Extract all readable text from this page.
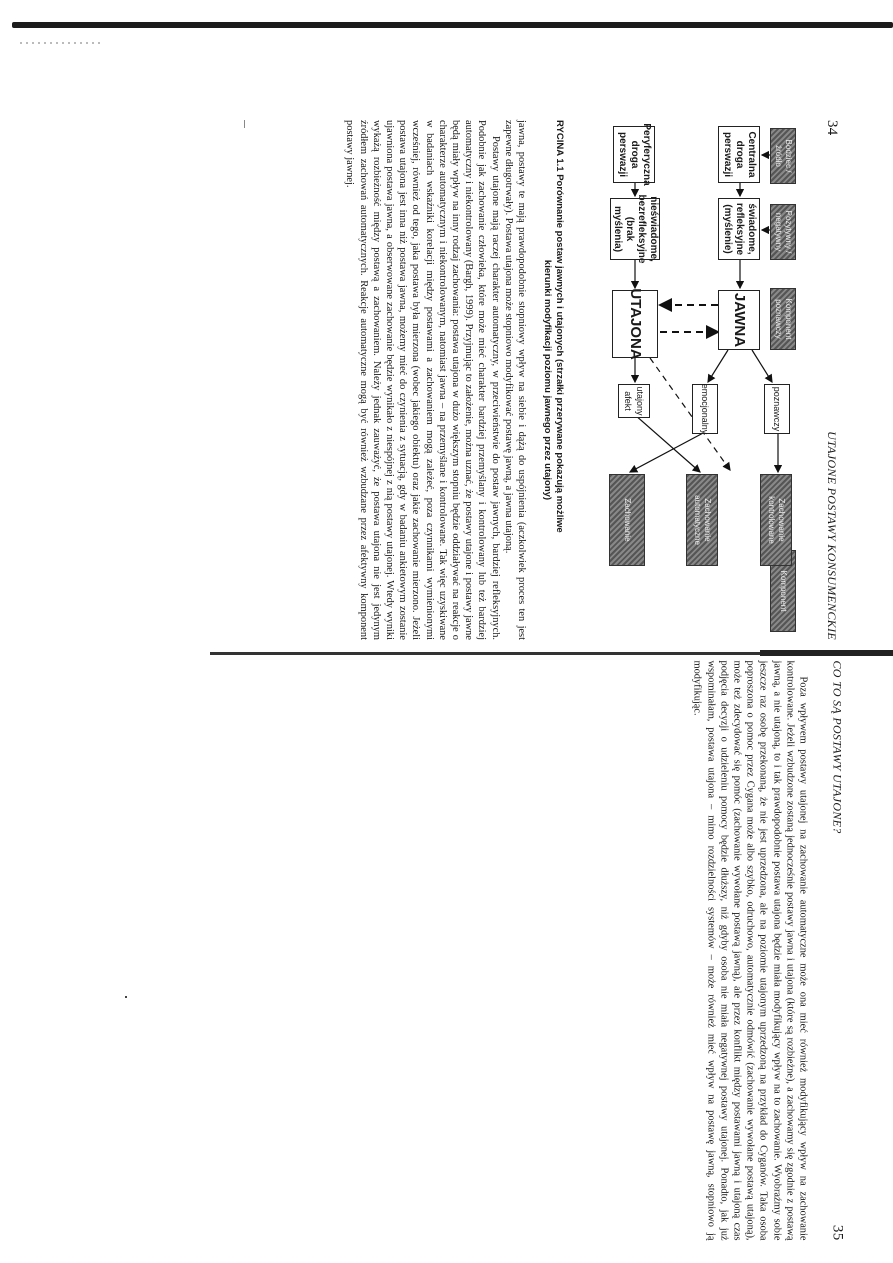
34
UTAJONE POSTAWY KONSUMENCKIE
Bodziec / źródło
Pozytywny / negatywny
Komponent poznawczy
Komponent
Centralna droga perswazji
Peryferyczna droga perswazji
świadome, refleksyjne (myślenie)
nieświadome, bezrefleksyjne (brak myślenia)
JAWNA
UTAJONA
poznawczy
emocjonalny
utajony afekt
Zachowanie kontrolowane
Zachowanie automatyczne
Zachowanie
RYCINA 1.1 Porównanie postaw jawnych i utajonych (strzałki przerywane pokazują możliwe
kierunki modyfikacji poziomu jawnego przez utajony)

jawna, postawy te mają prawdopodobnie stopniowy wpływ na siebie i dążą do uspójnienia (aczkolwiek proces ten jest zapewne długotrwały). Postawa utajona może stopniowo modyfikować postawę jawną, a jawna utajoną.

Postawy utajone mają raczej charakter automatyczny, w przeciwieństwie do postaw jawnych, bardziej refleksyjnych. Podobnie jak zachowanie człowieka, które może mieć charakter bardziej przemyślany i kontrolowany lub też bardziej automatyczny i niekontrolowany (Bargh, 1999). Przyjmując to założenie, można uznać, że postawy utajone i postawy jawne będą miały wpływ na inny rodzaj zachowania: postawa utajona w dużo większym stopniu będzie oddziaływać na reakcje o charakterze automatycznym i niekontrolowanym, natomiast jawna – na przemyślane i kontrolowane. Tak więc uzyskiwane w badaniach wskaźniki korelacji między postawami a zachowaniem mogą zależeć, poza czynnikami wymienionymi wcześniej, również od tego, jaka postawa była mierzona (wobec jakiego obiektu) oraz jakie zachowanie mierzono. Jeżeli postawa utajona jest inna niż postawa jawna, możemy mieć do czynienia z sytuacją, gdy w badaniu ankietowym zostanie ujawniona postawa jawna, a obserwowane zachowanie będzie wynikało z niespójnej z nią postawy utajonej. Wtedy wyniki wykażą rozbieżność między postawą a zachowaniem. Należy jednak zauważyć, że postawa utajona nie jest jedynym źródłem zachowań automatycznych. Reakcje automatyczne mogą być również wzbudzane przez afektywny komponent postawy jawnej.

CO TO SĄ POSTAWY UTAJONE?
35

Poza wpływem postawy utajonej na zachowanie automatyczne może ona mieć również modyfikujący wpływ na zachowanie kontrolowane. Jeżeli wzbudzone zostaną jednocześnie postawy jawna i utajona (które są rozbieżne), a zachowamy się zgodnie z postawą jawną, a nie utajoną, to i tak prawdopodobnie postawa utajona będzie miała modyfikujący wpływ na to zachowanie. Wyobraźmy sobie jeszcze raz osobę przekonaną, że nie jest uprzedzona, ale na poziomie utajonym uprzedzoną na przykład do Cyganów. Taka osoba poproszona o pomoc przez Cygana może albo szybko, odruchowo, automatycznie odmówić (zachowanie wywołane postawą utajoną), może też zdecydować się pomóc (zachowanie wywołane postawą jawną), ale przez konflikt między postawami jawną i utajoną czas podjęcia decyzji o udzieleniu pomocy będzie dłuższy, niż gdyby osoba nie miała negatywnej postawy utajonej. Ponadto, jak już wspominałam, postawa utajona – mimo rozdzielności systemów – może również mieć wpływ na postawę jawną, stopniowo ją modyfikując.
